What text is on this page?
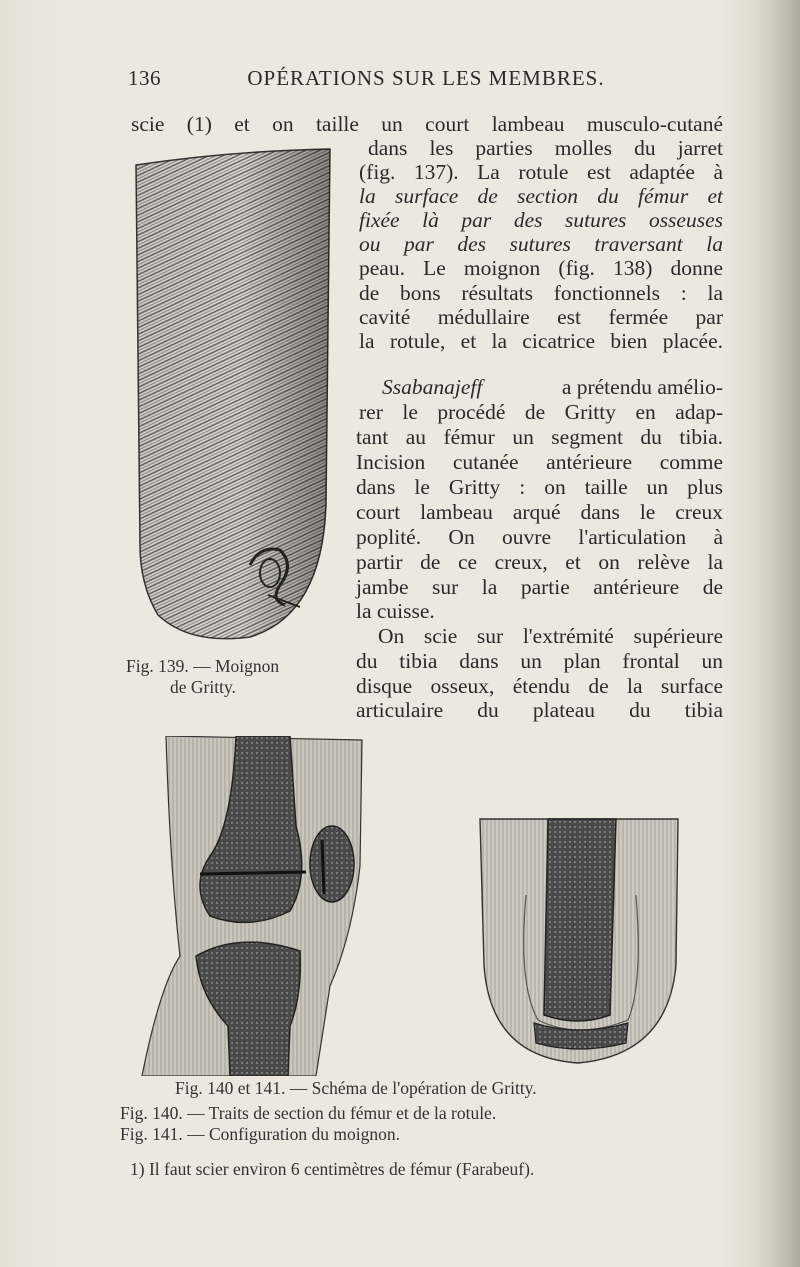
136	OPÉRATIONS SUR LES MEMBRES.
scie (1) et on taille un court lambeau musculo-cutané
dans les parties molles du jarret
(fig. 137). La rotule est adaptée à
la surface de section du fémur et
fixée là par des sutures osseuses
ou par des sutures traversant la
peau. Le moignon (fig. 138) donne
de bons résultats fonctionnels : la
cavité médullaire est fermée par
la rotule, et la cicatrice bien placée.
Ssabanajeff	a prétendu amélio-
rer le procédé de Gritty en adap-
tant au fémur un segment du tibia.
Incision cutanée antérieure comme
dans le Gritty : on taille un plus
court lambeau arqué dans le creux
poplité. On ouvre l'articulation à
partir de ce creux, et on relève la
jambe sur la partie antérieure de
la cuisse.
On scie sur l'extrémité supérieure
du tibia dans un plan frontal un
disque osseux, étendu de la surface
articulaire du plateau du tibia
Fig. 139. — Moignon
de Gritty.
Fig. 140 et 141. — Schéma de l'opération de Gritty.
Fig. 140. — Traits de section du fémur et de la rotule.
Fig. 141. — Configuration du moignon.
1) Il faut scier environ 6 centimètres de fémur (Farabeuf).
